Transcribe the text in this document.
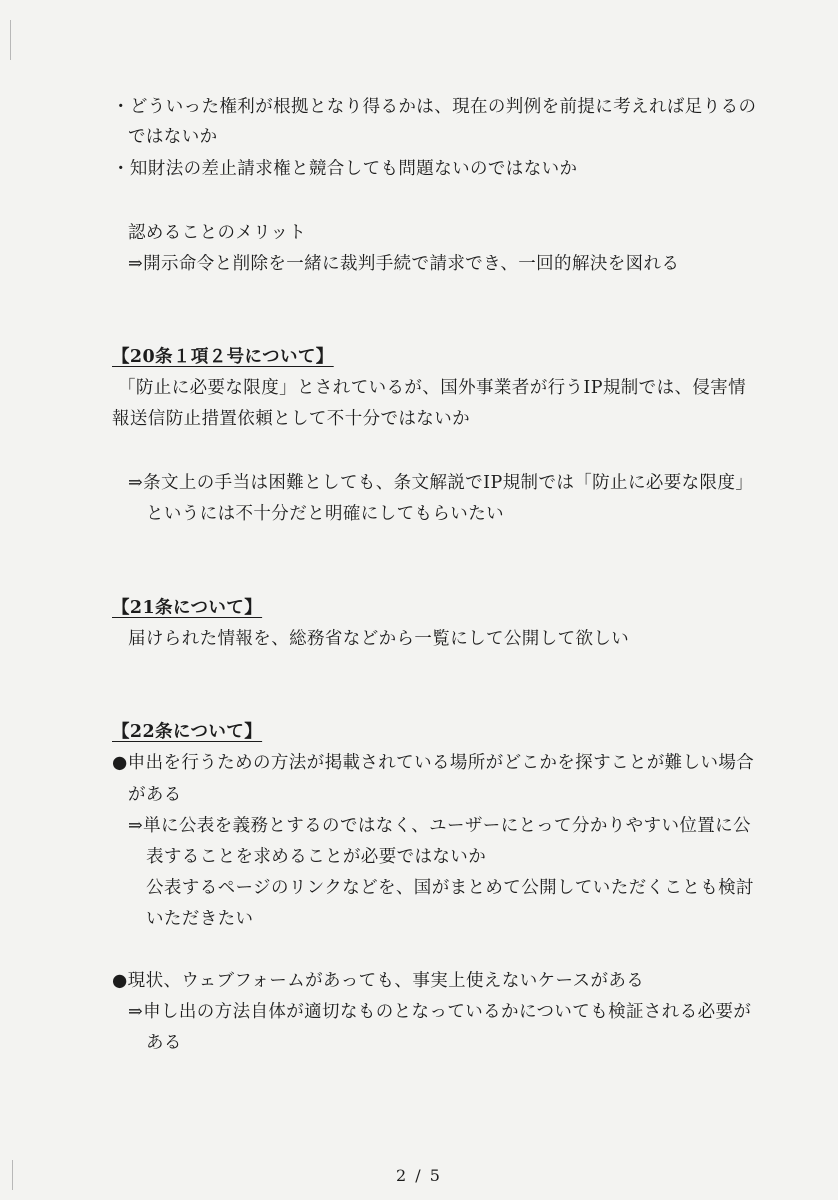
・どういった権利が根拠となり得るかは、現在の判例を前提に考えれば足りるの
ではないか
・知財法の差止請求権と競合しても問題ないのではないか
認めることのメリット
⇒開示命令と削除を一緒に裁判手続で請求でき、一回的解決を図れる
【20条１項２号について】
「防止に必要な限度」とされているが、国外事業者が行うIP規制では、侵害情
報送信防止措置依頼として不十分ではないか
⇒条文上の手当は困難としても、条文解説でIP規制では「防止に必要な限度」
というには不十分だと明確にしてもらいたい
【21条について】
届けられた情報を、総務省などから一覧にして公開して欲しい
【22条について】
●申出を行うための方法が掲載されている場所がどこかを探すことが難しい場合
がある
⇒単に公表を義務とするのではなく、ユーザーにとって分かりやすい位置に公
表することを求めることが必要ではないか
公表するページのリンクなどを、国がまとめて公開していただくことも検討
いただきたい
●現状、ウェブフォームがあっても、事実上使えないケースがある
⇒申し出の方法自体が適切なものとなっているかについても検証される必要が
ある
2 / 5
